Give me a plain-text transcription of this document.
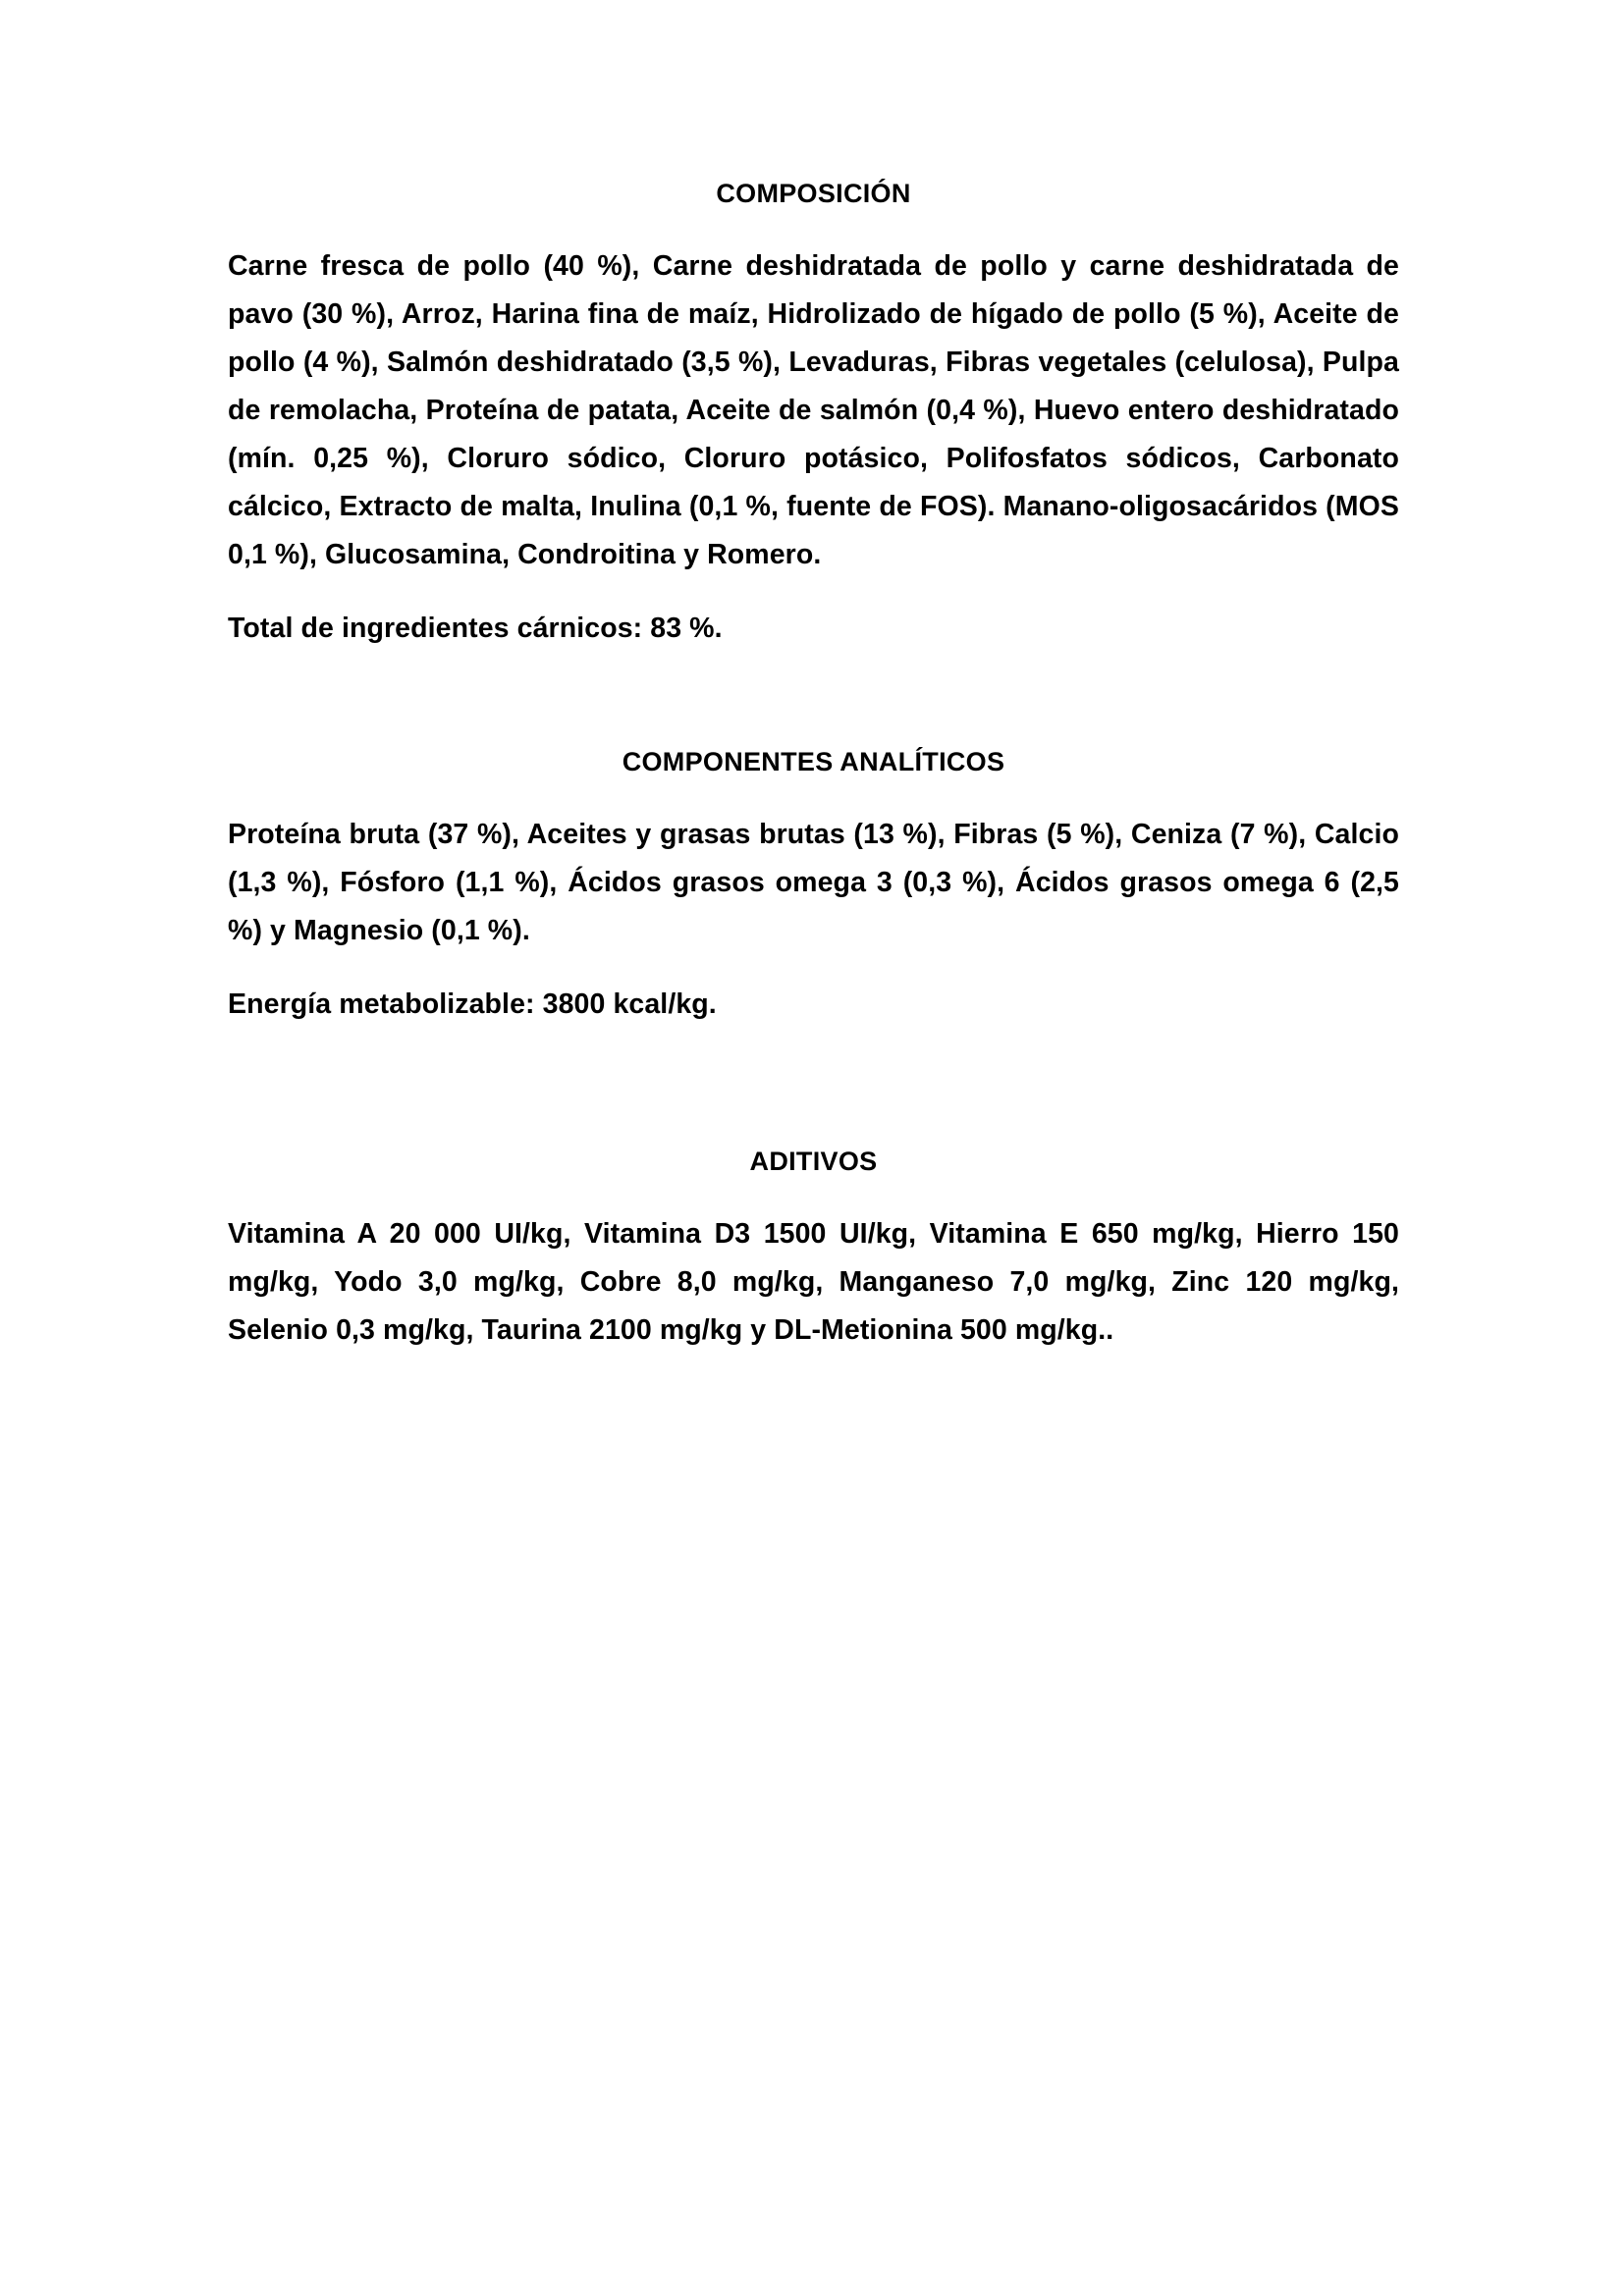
COMPOSICIÓN

Carne fresca de pollo (40 %), Carne deshidratada de pollo y carne deshidratada de pavo (30 %), Arroz, Harina fina de maíz, Hidrolizado de hígado de pollo (5 %), Aceite de pollo (4 %), Salmón deshidratado (3,5 %), Levaduras, Fibras vegetales (celulosa), Pulpa de remolacha, Proteína de patata, Aceite de salmón (0,4 %), Huevo entero deshidratado (mín. 0,25 %), Cloruro sódico, Cloruro potásico, Polifosfatos sódicos, Carbonato cálcico, Extracto de malta, Inulina (0,1 %, fuente de FOS). Manano-oligosacáridos (MOS 0,1 %), Glucosamina, Condroitina y Romero.

Total de ingredientes cárnicos: 83 %.

COMPONENTES ANALÍTICOS

Proteína bruta (37 %), Aceites y grasas brutas (13 %), Fibras (5 %), Ceniza (7 %), Calcio (1,3 %), Fósforo (1,1 %), Ácidos grasos omega 3 (0,3 %), Ácidos grasos omega 6 (2,5 %) y Magnesio (0,1 %).

Energía metabolizable: 3800 kcal/kg.

ADITIVOS

Vitamina A 20 000 UI/kg, Vitamina D3 1500 UI/kg, Vitamina E 650 mg/kg, Hierro 150 mg/kg, Yodo 3,0 mg/kg, Cobre 8,0 mg/kg, Manganeso 7,0 mg/kg, Zinc 120 mg/kg, Selenio 0,3 mg/kg, Taurina 2100 mg/kg y DL-Metionina 500 mg/kg..
